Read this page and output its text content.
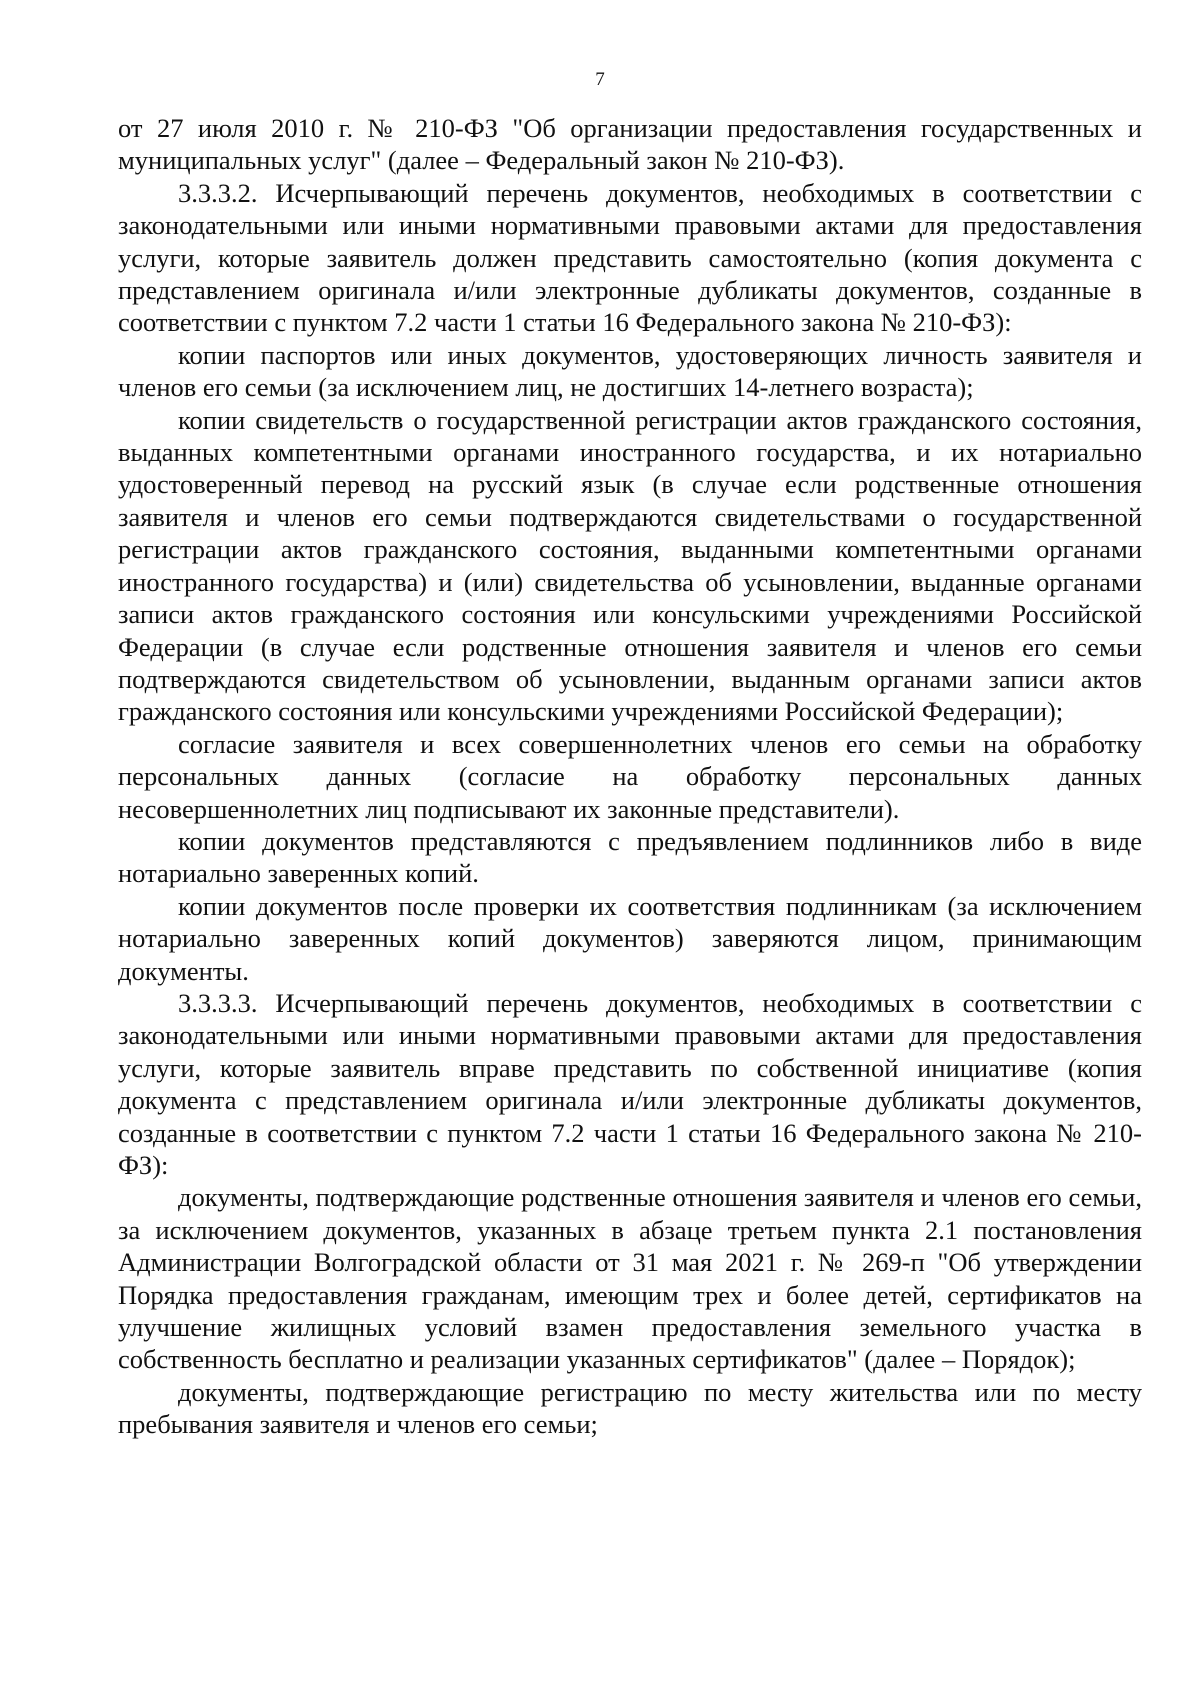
7

от 27 июля 2010 г. № 210-ФЗ "Об организации предоставления государственных и муниципальных услуг" (далее – Федеральный закон № 210-ФЗ).

3.3.3.2. Исчерпывающий перечень документов, необходимых в соответствии с законодательными или иными нормативными правовыми актами для предоставления услуги, которые заявитель должен представить самостоятельно (копия документа с представлением оригинала и/или электронные дубликаты документов, созданные в соответствии с пунктом 7.2 части 1 статьи 16 Федерального закона № 210-ФЗ):

копии паспортов или иных документов, удостоверяющих личность заявителя и членов его семьи (за исключением лиц, не достигших 14-летнего возраста);

копии свидетельств о государственной регистрации актов гражданского состояния, выданных компетентными органами иностранного государства, и их нотариально удостоверенный перевод на русский язык (в случае если родственные отношения заявителя и членов его семьи подтверждаются свидетельствами о государственной регистрации актов гражданского состояния, выданными компетентными органами иностранного государства) и (или) свидетельства об усыновлении, выданные органами записи актов гражданского состояния или консульскими учреждениями Российской Федерации (в случае если родственные отношения заявителя и членов его семьи подтверждаются свидетельством об усыновлении, выданным органами записи актов гражданского состояния или консульскими учреждениями Российской Федерации);

согласие заявителя и всех совершеннолетних членов его семьи на обработку персональных данных (согласие на обработку персональных данных несовершеннолетних лиц подписывают их законные представители).

копии документов представляются с предъявлением подлинников либо в виде нотариально заверенных копий.

копии документов после проверки их соответствия подлинникам (за исключением нотариально заверенных копий документов) заверяются лицом, принимающим документы.

3.3.3.3. Исчерпывающий перечень документов, необходимых в соответствии с законодательными или иными нормативными правовыми актами для предоставления услуги, которые заявитель вправе представить по собственной инициативе (копия документа с представлением оригинала и/или электронные дубликаты документов, созданные в соответствии с пунктом 7.2 части 1 статьи 16 Федерального закона № 210-ФЗ):

документы, подтверждающие родственные отношения заявителя и членов его семьи, за исключением документов, указанных в абзаце третьем пункта 2.1 постановления Администрации Волгоградской области от 31 мая 2021 г. № 269-п "Об утверждении Порядка предоставления гражданам, имеющим трех и более детей, сертификатов на улучшение жилищных условий взамен предоставления земельного участка в собственность бесплатно и реализации указанных сертификатов" (далее – Порядок);

документы, подтверждающие регистрацию по месту жительства или по месту пребывания заявителя и членов его семьи;
